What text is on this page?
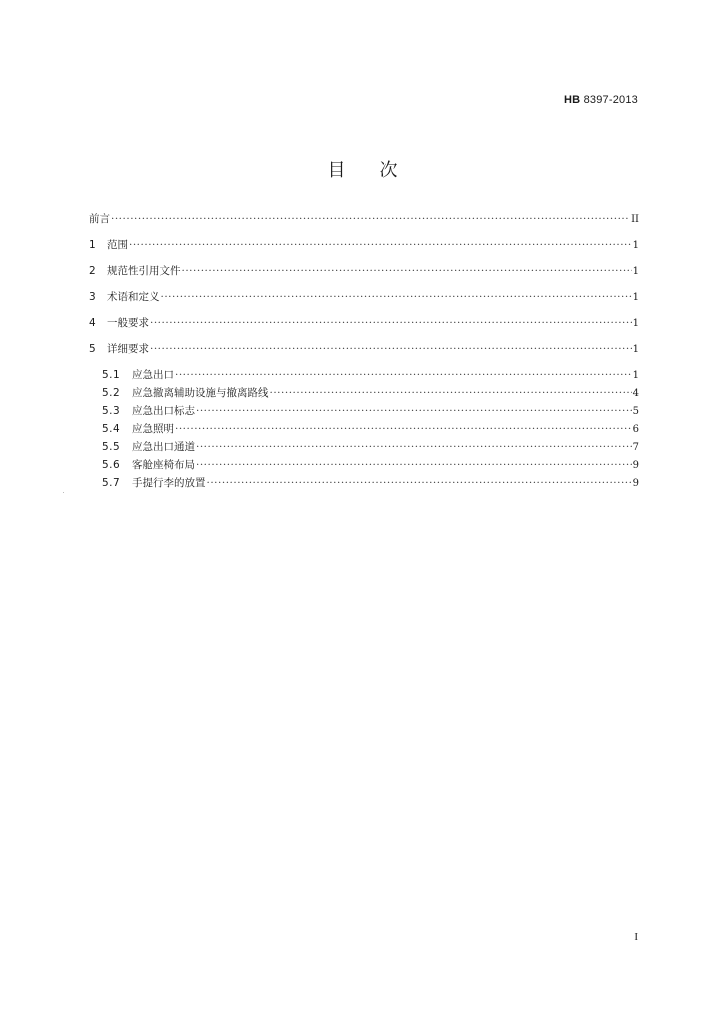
HB 8397-2013
目次
前言 ·····	II
1	范围 ·····	1
2	规范性引用文件 ·····	1
3	术语和定义 ·····	1
4	一般要求 ·····	1
5	详细要求 ·····	1
5.1	应急出口 ·····	1
5.2	应急撤离辅助设施与撤离路线 ·····	4
5.3	应急出口标志 ·····	5
5.4	应急照明 ·····	6
5.5	应急出口通道 ·····	7
5.6	客舱座椅布局 ·····	9
5.7	手提行李的放置 ·····	9
I
